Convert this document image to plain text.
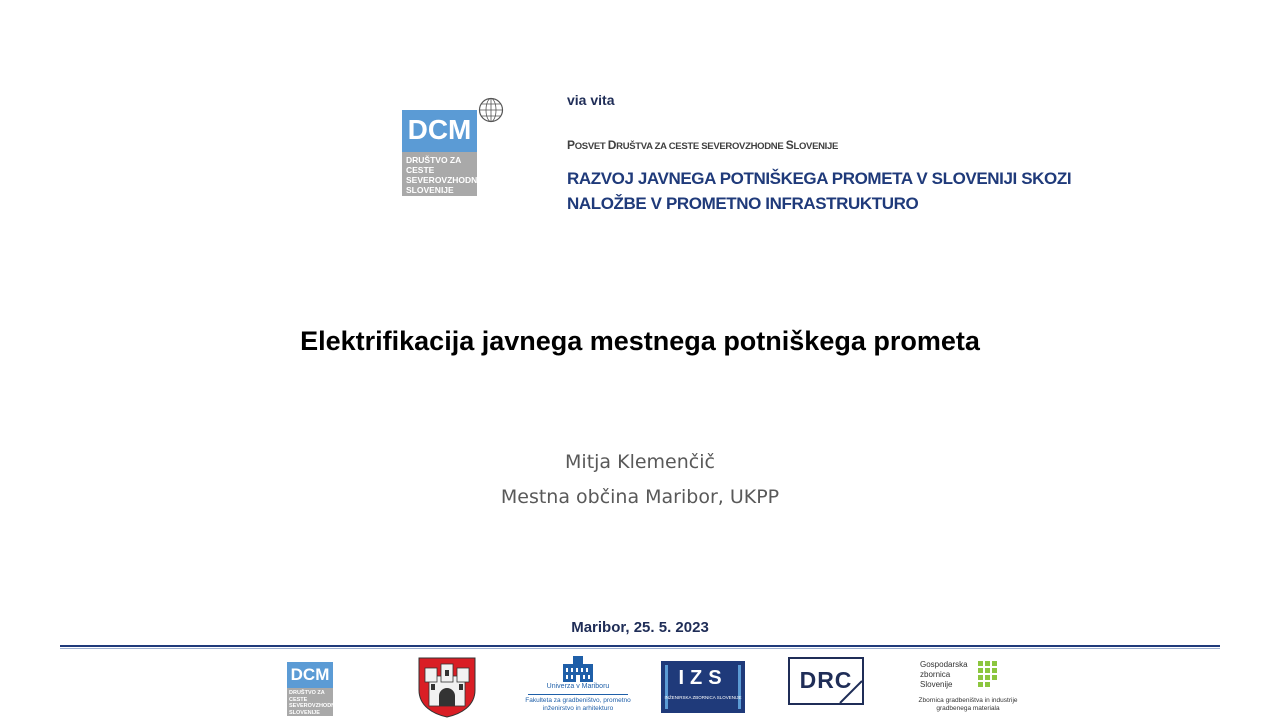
DCM
DRUŠTVO ZA CESTE SEVEROVZHODNE SLOVENIJE
via vita
POSVET DRUŠTVA ZA CESTE SEVEROVZHODNE SLOVENIJE
RAZVOJ JAVNEGA POTNIŠKEGA PROMETA V SLOVENIJI SKOZI NALOŽBE V PROMETNO INFRASTRUKTURO
Elektrifikacija javnega mestnega potniškega prometa
Mitja Klemenčič
Mestna občina Maribor, UKPP
Maribor, 25. 5. 2023
DCM
DRUŠTVO ZA CESTE SEVEROVZHODNE SLOVENIJE
Univerza v Mariboru
Fakulteta za gradbeništvo, prometno inženirstvo in arhitekturo
IZS
INŽENIRSKA ZBORNICA SLOVENIJE
DRC
Gospodarska zbornica Slovenije
Zbornica gradbeništva in industrije gradbenega materiala
